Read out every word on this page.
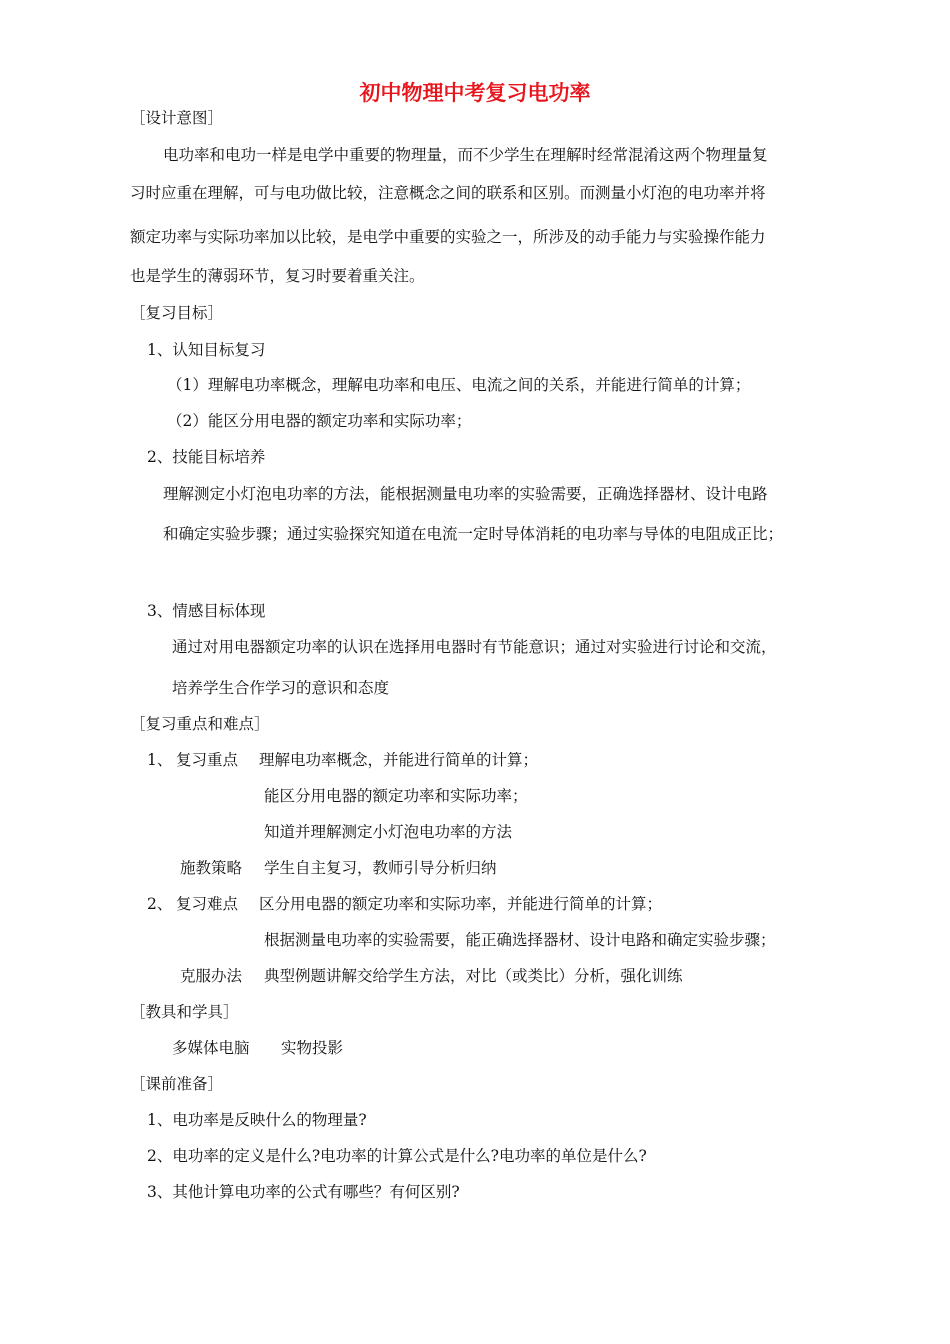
初中物理中考复习电功率
［设计意图］
电功率和电功一样是电学中重要的物理量，而不少学生在理解时经常混淆这两个物理量复
习时应重在理解，可与电功做比较，注意概念之间的联系和区别。而测量小灯泡的电功率并将
额定功率与实际功率加以比较，是电学中重要的实验之一，所涉及的动手能力与实验操作能力
也是学生的薄弱环节，复习时要着重关注。
［复习目标］
1、认知目标复习
（1）理解电功率概念，理解电功率和电压、电流之间的关系，并能进行简单的计算；
（2）能区分用电器的额定功率和实际功率；
2、技能目标培养
理解测定小灯泡电功率的方法，能根据测量电功率的实验需要，正确选择器材、设计电路
和确定实验步骤；通过实验探究知道在电流一定时导体消耗的电功率与导体的电阻成正比；
3、情感目标体现
通过对用电器额定功率的认识在选择用电器时有节能意识；通过对实验进行讨论和交流，
培养学生合作学习的意识和态度
［复习重点和难点］
1、 复习重点 理解电功率概念，并能进行简单的计算；
能区分用电器的额定功率和实际功率；
知道并理解测定小灯泡电功率的方法
施教策略 学生自主复习，教师引导分析归纳
2、 复习难点 区分用电器的额定功率和实际功率，并能进行简单的计算；
根据测量电功率的实验需要，能正确选择器材、设计电路和确定实验步骤；
克服办法 典型例题讲解交给学生方法，对比（或类比）分析，强化训练
［教具和学具］
多媒体电脑 实物投影
［课前准备］
1、电功率是反映什么的物理量?
2、电功率的定义是什么?电功率的计算公式是什么?电功率的单位是什么?
3、其他计算电功率的公式有哪些？有何区别?
